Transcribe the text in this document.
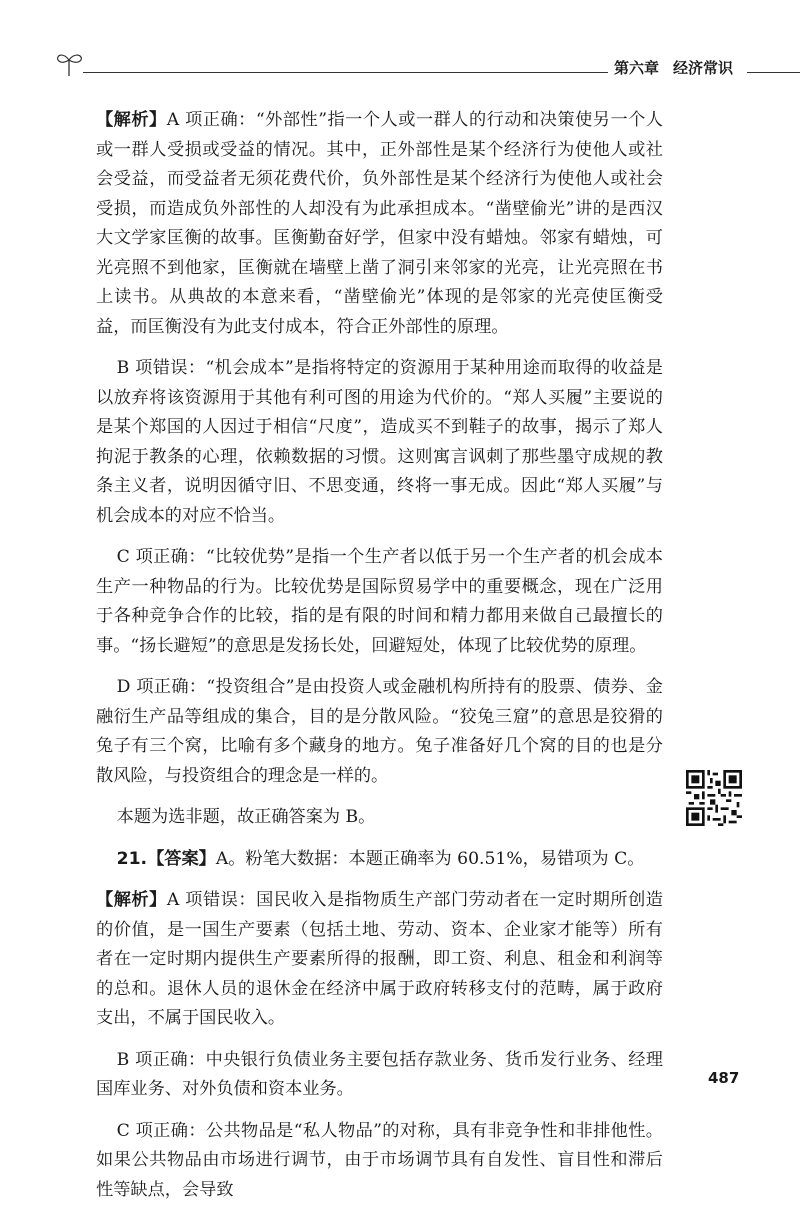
第六章 经济常识

【解析】A 项正确：“外部性”指一个人或一群人的行动和决策使另一个人或一群人受损或受益的情况。其中，正外部性是某个经济行为使他人或社会受益，而受益者无须花费代价，负外部性是某个经济行为使他人或社会受损，而造成负外部性的人却没有为此承担成本。“凿壁偷光”讲的是西汉大文学家匡衡的故事。匡衡勤奋好学，但家中没有蜡烛。邻家有蜡烛，可光亮照不到他家，匡衡就在墙壁上凿了洞引来邻家的光亮，让光亮照在书上读书。从典故的本意来看，“凿壁偷光”体现的是邻家的光亮使匡衡受益，而匡衡没有为此支付成本，符合正外部性的原理。

B 项错误：“机会成本”是指将特定的资源用于某种用途而取得的收益是以放弃将该资源用于其他有利可图的用途为代价的。“郑人买履”主要说的是某个郑国的人因过于相信“尺度”，造成买不到鞋子的故事，揭示了郑人拘泥于教条的心理，依赖数据的习惯。这则寓言讽刺了那些墨守成规的教条主义者，说明因循守旧、不思变通，终将一事无成。因此“郑人买履”与机会成本的对应不恰当。

C 项正确：“比较优势”是指一个生产者以低于另一个生产者的机会成本生产一种物品的行为。比较优势是国际贸易学中的重要概念，现在广泛用于各种竞争合作的比较，指的是有限的时间和精力都用来做自己最擅长的事。“扬长避短”的意思是发扬长处，回避短处，体现了比较优势的原理。

D 项正确：“投资组合”是由投资人或金融机构所持有的股票、债券、金融衍生产品等组成的集合，目的是分散风险。“狡兔三窟”的意思是狡猾的兔子有三个窝，比喻有多个藏身的地方。兔子准备好几个窝的目的也是分散风险，与投资组合的理念是一样的。

本题为选非题，故正确答案为 B。

21.【答案】A。粉笔大数据：本题正确率为 60.51%，易错项为 C。

【解析】A 项错误：国民收入是指物质生产部门劳动者在一定时期所创造的价值，是一国生产要素（包括土地、劳动、资本、企业家才能等）所有者在一定时期内提供生产要素所得的报酬，即工资、利息、租金和利润等的总和。退休人员的退休金在经济中属于政府转移支付的范畴，属于政府支出，不属于国民收入。

B 项正确：中央银行负债业务主要包括存款业务、货币发行业务、经理国库业务、对外负债和资本业务。

C 项正确：公共物品是“私人物品”的对称，具有非竞争性和非排他性。如果公共物品由市场进行调节，由于市场调节具有自发性、盲目性和滞后性等缺点，会导致

487
